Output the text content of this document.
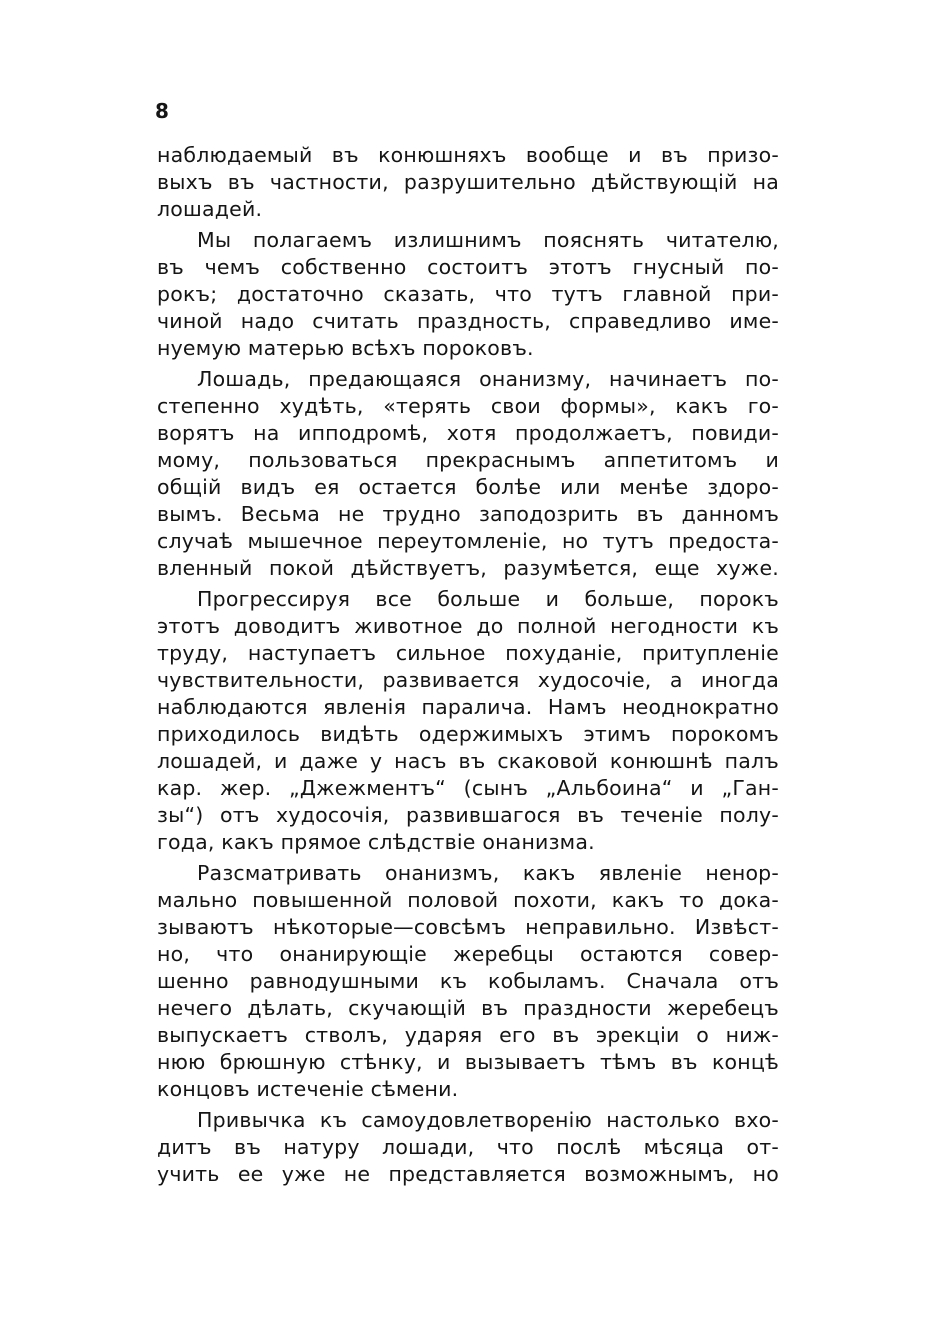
8
наблюдаемый въ конюшняхъ вообще и въ призо-
выхъ въ частности, разрушительно дѣйствующій на
лошадей.
Мы полагаемъ излишнимъ пояснять читателю,
въ чемъ собственно состоитъ этотъ гнусный по-
рокъ; достаточно сказать, что тутъ главной при-
чиной надо считать праздность, справедливо име-
нуемую матерью всѣхъ пороковъ.
Лошадь, предающаяся онанизму, начинаетъ по-
степенно худѣть, «терять свои формы», какъ го-
ворятъ на ипподромѣ, хотя продолжаетъ, повиди-
мому, пользоваться прекраснымъ аппетитомъ и
общій видъ ея остается болѣе или менѣе здоро-
вымъ. Весьма не трудно заподозрить въ данномъ
случаѣ мышечное переутомленіе, но тутъ предоста-
вленный покой дѣйствуетъ, разумѣется, еще хуже.
Прогрессируя все больше и больше, порокъ
этотъ доводитъ животное до полной негодности къ
труду, наступаетъ сильное похуданіе, притупленіе
чувствительности, развивается худосочіе, а иногда
наблюдаются явленія паралича. Намъ неоднократно
приходилось видѣть одержимыхъ этимъ порокомъ
лошадей, и даже у насъ въ скаковой конюшнѣ палъ
кар. жер. „Джежментъ“ (сынъ „Альбоина“ и „Ган-
зы“) отъ худосочія, развившагося въ теченіе полу-
года, какъ прямое слѣдствіе онанизма.
Разсматривать онанизмъ, какъ явленіе ненор-
мально повышенной половой похоти, какъ то дока-
зываютъ нѣкоторые—совсѣмъ неправильно. Извѣст-
но, что онанирующіе жеребцы остаются совер-
шенно равнодушными къ кобыламъ. Сначала отъ
нечего дѣлать, скучающій въ праздности жеребецъ
выпускаетъ стволъ, ударяя его въ эрекціи о ниж-
нюю брюшную стѣнку, и вызываетъ тѣмъ въ концѣ
концовъ истеченіе сѣмени.
Привычка къ самоудовлетворенію настолько вхо-
дитъ въ натуру лошади, что послѣ мѣсяца от-
учить ее уже не представляется возможнымъ, но
